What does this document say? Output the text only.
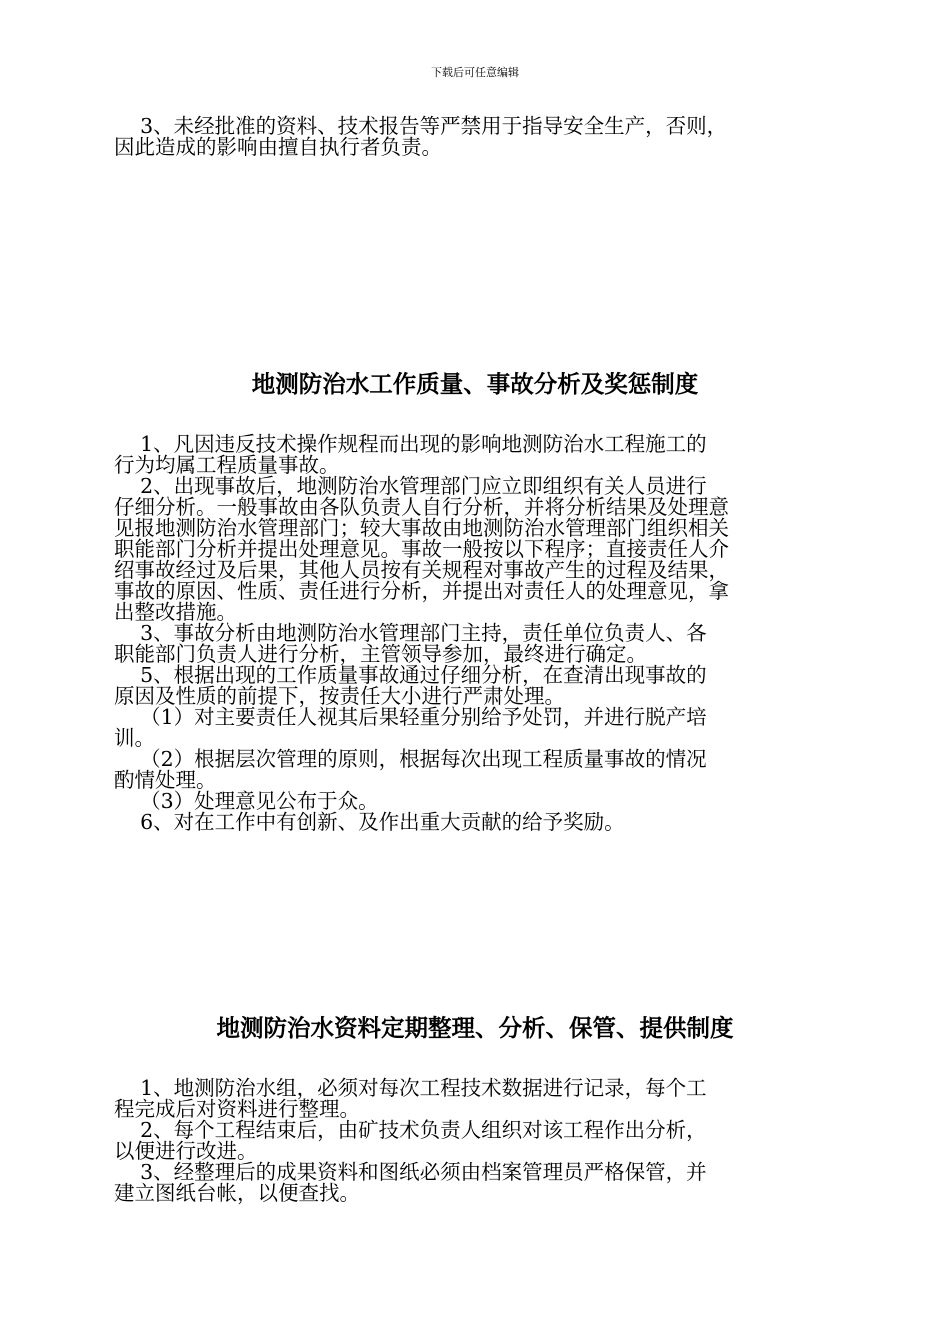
下载后可任意编辑
3、未经批准的资料、技术报告等严禁用于指导安全生产，否则，
因此造成的影响由擅自执行者负责。
地测防治水工作质量、事故分析及奖惩制度
1、凡因违反技术操作规程而出现的影响地测防治水工程施工的
行为均属工程质量事故。
2、出现事故后，地测防治水管理部门应立即组织有关人员进行
仔细分析。一般事故由各队负责人自行分析，并将分析结果及处理意
见报地测防治水管理部门；较大事故由地测防治水管理部门组织相关
职能部门分析并提出处理意见。事故一般按以下程序；直接责任人介
绍事故经过及后果，其他人员按有关规程对事故产生的过程及结果，
事故的原因、性质、责任进行分析，并提出对责任人的处理意见，拿
出整改措施。
3、事故分析由地测防治水管理部门主持，责任单位负责人、各
职能部门负责人进行分析，主管领导参加，最终进行确定。
5、根据出现的工作质量事故通过仔细分析，在查清出现事故的
原因及性质的前提下，按责任大小进行严肃处理。
（1）对主要责任人视其后果轻重分别给予处罚，并进行脱产培
训。
（2）根据层次管理的原则，根据每次出现工程质量事故的情况
酌情处理。
（3）处理意见公布于众。
6、对在工作中有创新、及作出重大贡献的给予奖励。
地测防治水资料定期整理、分析、保管、提供制度
1、地测防治水组，必须对每次工程技术数据进行记录，每个工
程完成后对资料进行整理。
2、每个工程结束后，由矿技术负责人组织对该工程作出分析，
以便进行改进。
3、经整理后的成果资料和图纸必须由档案管理员严格保管，并
建立图纸台帐，以便查找。
